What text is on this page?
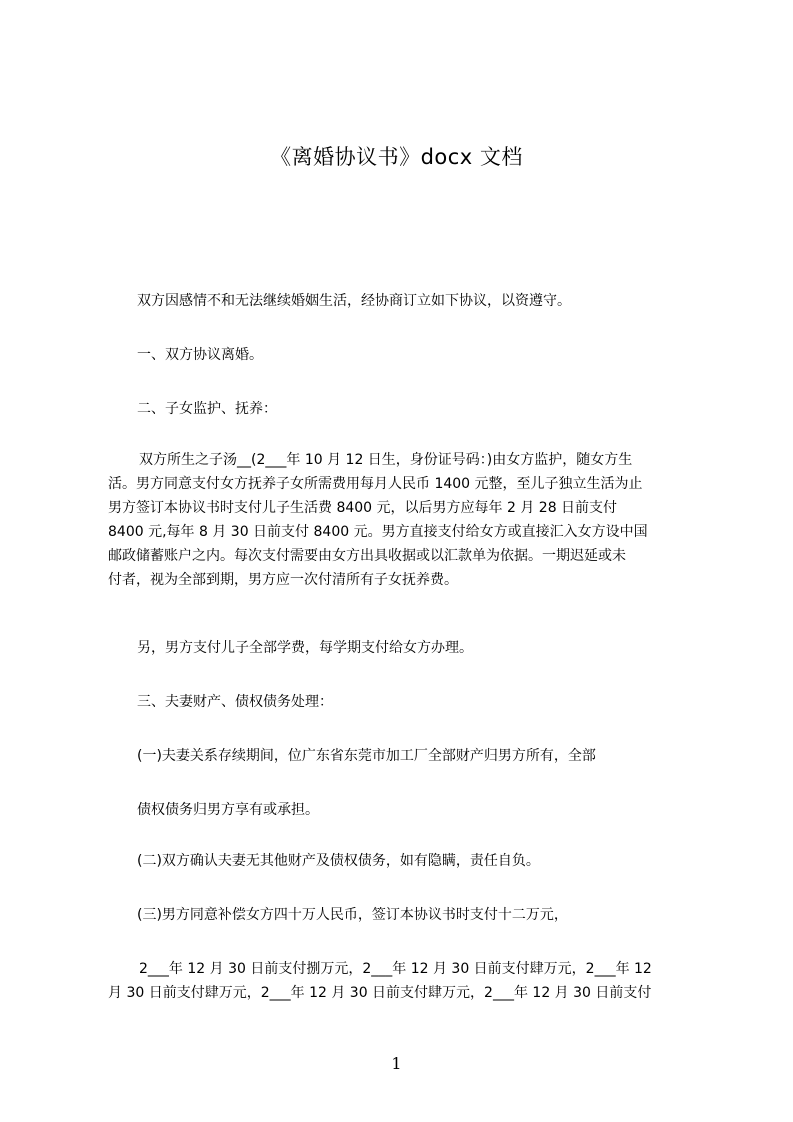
《离婚协议书》docx 文档
双方因感情不和无法继续婚姻生活，经协商订立如下协议，以资遵守。
一、双方协议离婚。
二、子女监护、抚养：
双方所生之子汤__(2___年 10 月 12 日生，身份证号码：)由女方监护，随女方生
活。男方同意支付女方抚养子女所需费用每月人民币 1400 元整，至儿子独立生活为止
男方签订本协议书时支付儿子生活费 8400 元，以后男方应每年 2 月 28 日前支付
8400 元,每年 8 月 30 日前支付 8400 元。男方直接支付给女方或直接汇入女方设中国
邮政储蓄账户之内。每次支付需要由女方出具收据或以汇款单为依据。一期迟延或未
付者，视为全部到期，男方应一次付清所有子女抚养费。
另，男方支付儿子全部学费，每学期支付给女方办理。
三、夫妻财产、债权债务处理：
(一)夫妻关系存续期间，位广东省东莞市加工厂全部财产归男方所有，全部
债权债务归男方享有或承担。
(二)双方确认夫妻无其他财产及债权债务，如有隐瞒，责任自负。
(三)男方同意补偿女方四十万人民币，签订本协议书时支付十二万元，
2___年 12 月 30 日前支付捌万元，2___年 12 月 30 日前支付肆万元，2___年 12
月 30 日前支付肆万元，2___年 12 月 30 日前支付肆万元，2___年 12 月 30 日前支付
1
